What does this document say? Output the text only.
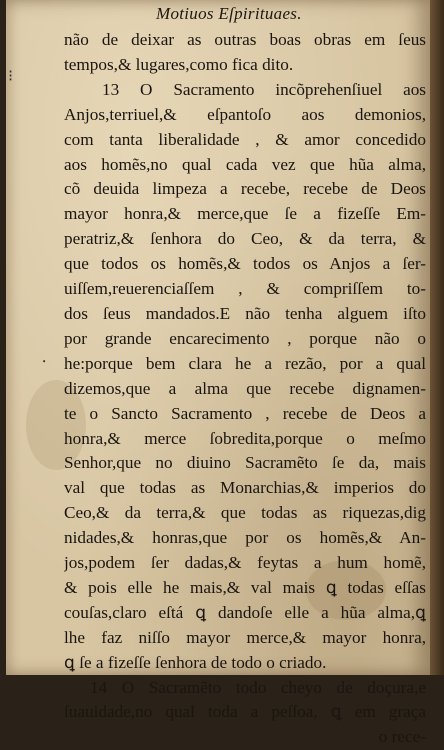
Motiuos Eſpirituaes.
⁝
⸱
não de deixar as outras boas obras em ſeus
tempos,& lugares,como fica dito.
13 O Sacramento incõprehenſiuel aos
Anjos,terriuel,& eſpantoſo aos demonios,
com tanta liberalidade , & amor concedido
aos homẽs,no qual cada vez que hũa alma,
cõ deuida limpeza a recebe, recebe de Deos
mayor honra,& merce,que ſe a fizeſſe Em-
peratriz,& ſenhora do Ceo, & da terra, &
que todos os homẽs,& todos os Anjos a ſer-
uiſſem,reuerenciaſſem , & compriſſem to-
dos ſeus mandados.E não tenha alguem iſto
por grande encarecimento , porque não o
he:porque bem clara he a rezão, por a qual
dizemos,que a alma que recebe dignamen-
te o Sancto Sacramento , recebe de Deos a
honra,& merce ſobredita,porque o meſmo
Senhor,que no diuino Sacramẽto ſe da, mais
val que todas as Monarchias,& imperios do
Ceo,& da terra,& que todas as riquezas,dig
nidades,& honras,que por os homẽs,& An-
jos,podem ſer dadas,& feytas a hum homẽ,
& pois elle he mais,& val mais ꝗ todas eſſas
couſas,claro eſtá ꝗ dandoſe elle a hũa alma,ꝗ
lhe faz niſſo mayor merce,& mayor honra,
ꝗ ſe a fizeſſe ſenhora de todo o criado.
14 O Sacramẽto todo cheyo de doçura,e
ſuauidade,no qual toda a peſſoa, ꝗ em graça
o rece-
